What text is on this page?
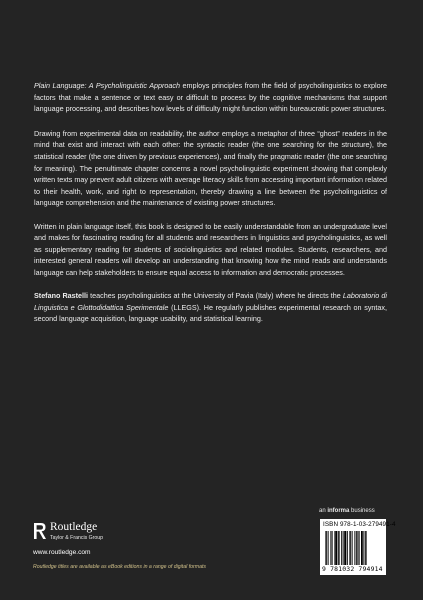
Plain Language: A Psycholinguistic Approach employs principles from the field of psycholinguistics to explore factors that make a sentence or text easy or difficult to process by the cognitive mechanisms that support language processing, and describes how levels of difficulty might function within bureaucratic power structures.

Drawing from experimental data on readability, the author employs a metaphor of three “ghost” readers in the mind that exist and interact with each other: the syntactic reader (the one searching for the structure), the statistical reader (the one driven by previous experiences), and finally the pragmatic reader (the one searching for meaning). The penultimate chapter concerns a novel psycholinguistic experiment showing that complexly written texts may prevent adult citizens with average literacy skills from accessing important information related to their health, work, and right to representation, thereby drawing a line between the psycholinguistics of language comprehension and the maintenance of existing power structures.

Written in plain language itself, this book is designed to be easily understandable from an undergraduate level and makes for fascinating reading for all students and researchers in linguistics and psycholinguistics, as well as supplementary reading for students of sociolinguistics and related modules. Students, researchers, and interested general readers will develop an understanding that knowing how the mind reads and understands language can help stakeholders to ensure equal access to information and democratic processes.

Stefano Rastelli teaches psycholinguistics at the University of Pavia (Italy) where he directs the Laboratorio di Linguistica e Glottodidattica Sperimentale (LLEGS). He regularly publishes experimental research on syntax, second language acquisition, language usability, and statistical learning.

an informa business
ISBN 978-1-03-279491-4
9 781032 794914
Routledge
Taylor & Francis Group
www.routledge.com
Routledge titles are available as eBook editions in a range of digital formats
